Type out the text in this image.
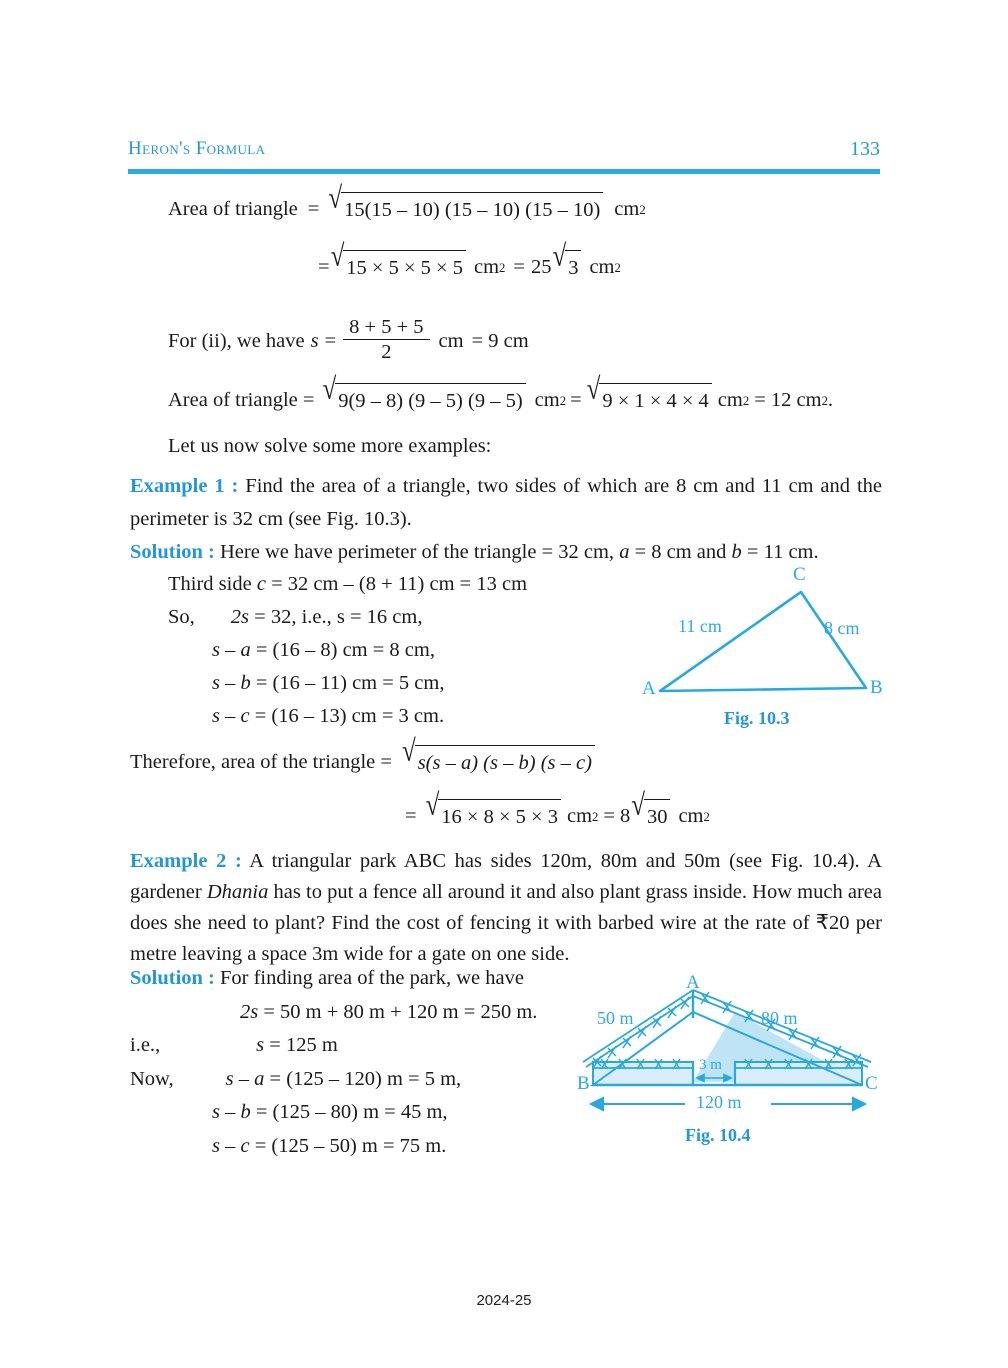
Heron's Formula	133
Area of triangle = √ 15(15 – 10) (15 – 10) (15 – 10) cm 2
= √ 15 × 5 × 5 × 5 cm 2 = 25 √ 3 cm 2
For (ii), we have $s = \frac{8 + 5 + 5}{2}$ cm = 9 cm
Area of triangle = √ 9(9 – 8) (9 – 5) (9 – 5) cm 2 = √ 9 × 1 × 4 × 4 cm 2 = 12 cm 2 .
Let us now solve some more examples:
Example 1 : Find the area of a triangle, two sides of which are 8 cm and 11 cm and the perimeter is 32 cm (see Fig. 10.3).
Solution : Here we have perimeter of the triangle = 32 cm, a = 8 cm and b = 11 cm.
Third side c = 32 cm – (8 + 11) cm = 13 cm
So, 2s = 32, i.e., s = 16 cm,
s – a = (16 – 8) cm = 8 cm,
s – b = (16 – 11) cm = 5 cm,
s – c = (16 – 13) cm = 3 cm.
A	B
C
11 cm	8 cm
Fig. 10.3
Therefore, area of the triangle = √ s(s – a) (s – b) (s – c)
= √ 16 × 8 × 5 × 3 cm 2 = 8 √ 30 cm 2
Example 2 : A triangular park ABC has sides 120m, 80m and 50m (see Fig. 10.4). A gardener Dhania has to put a fence all around it and also plant grass inside. How much area does she need to plant? Find the cost of fencing it with barbed wire at the rate of ₹20 per metre leaving a space 3m wide for a gate on one side.
Solution : For finding area of the park, we have
2s = 50 m + 80 m + 120 m = 250 m.
i.e.,	s = 125 m
Now,	s – a = (125 – 120) m = 5 m,
s – b = (125 – 80) m = 45 m,
s – c = (125 – 50) m = 75 m.
A
B	C
50 m	80 m
3 m
120 m
Fig. 10.4
2024-25
